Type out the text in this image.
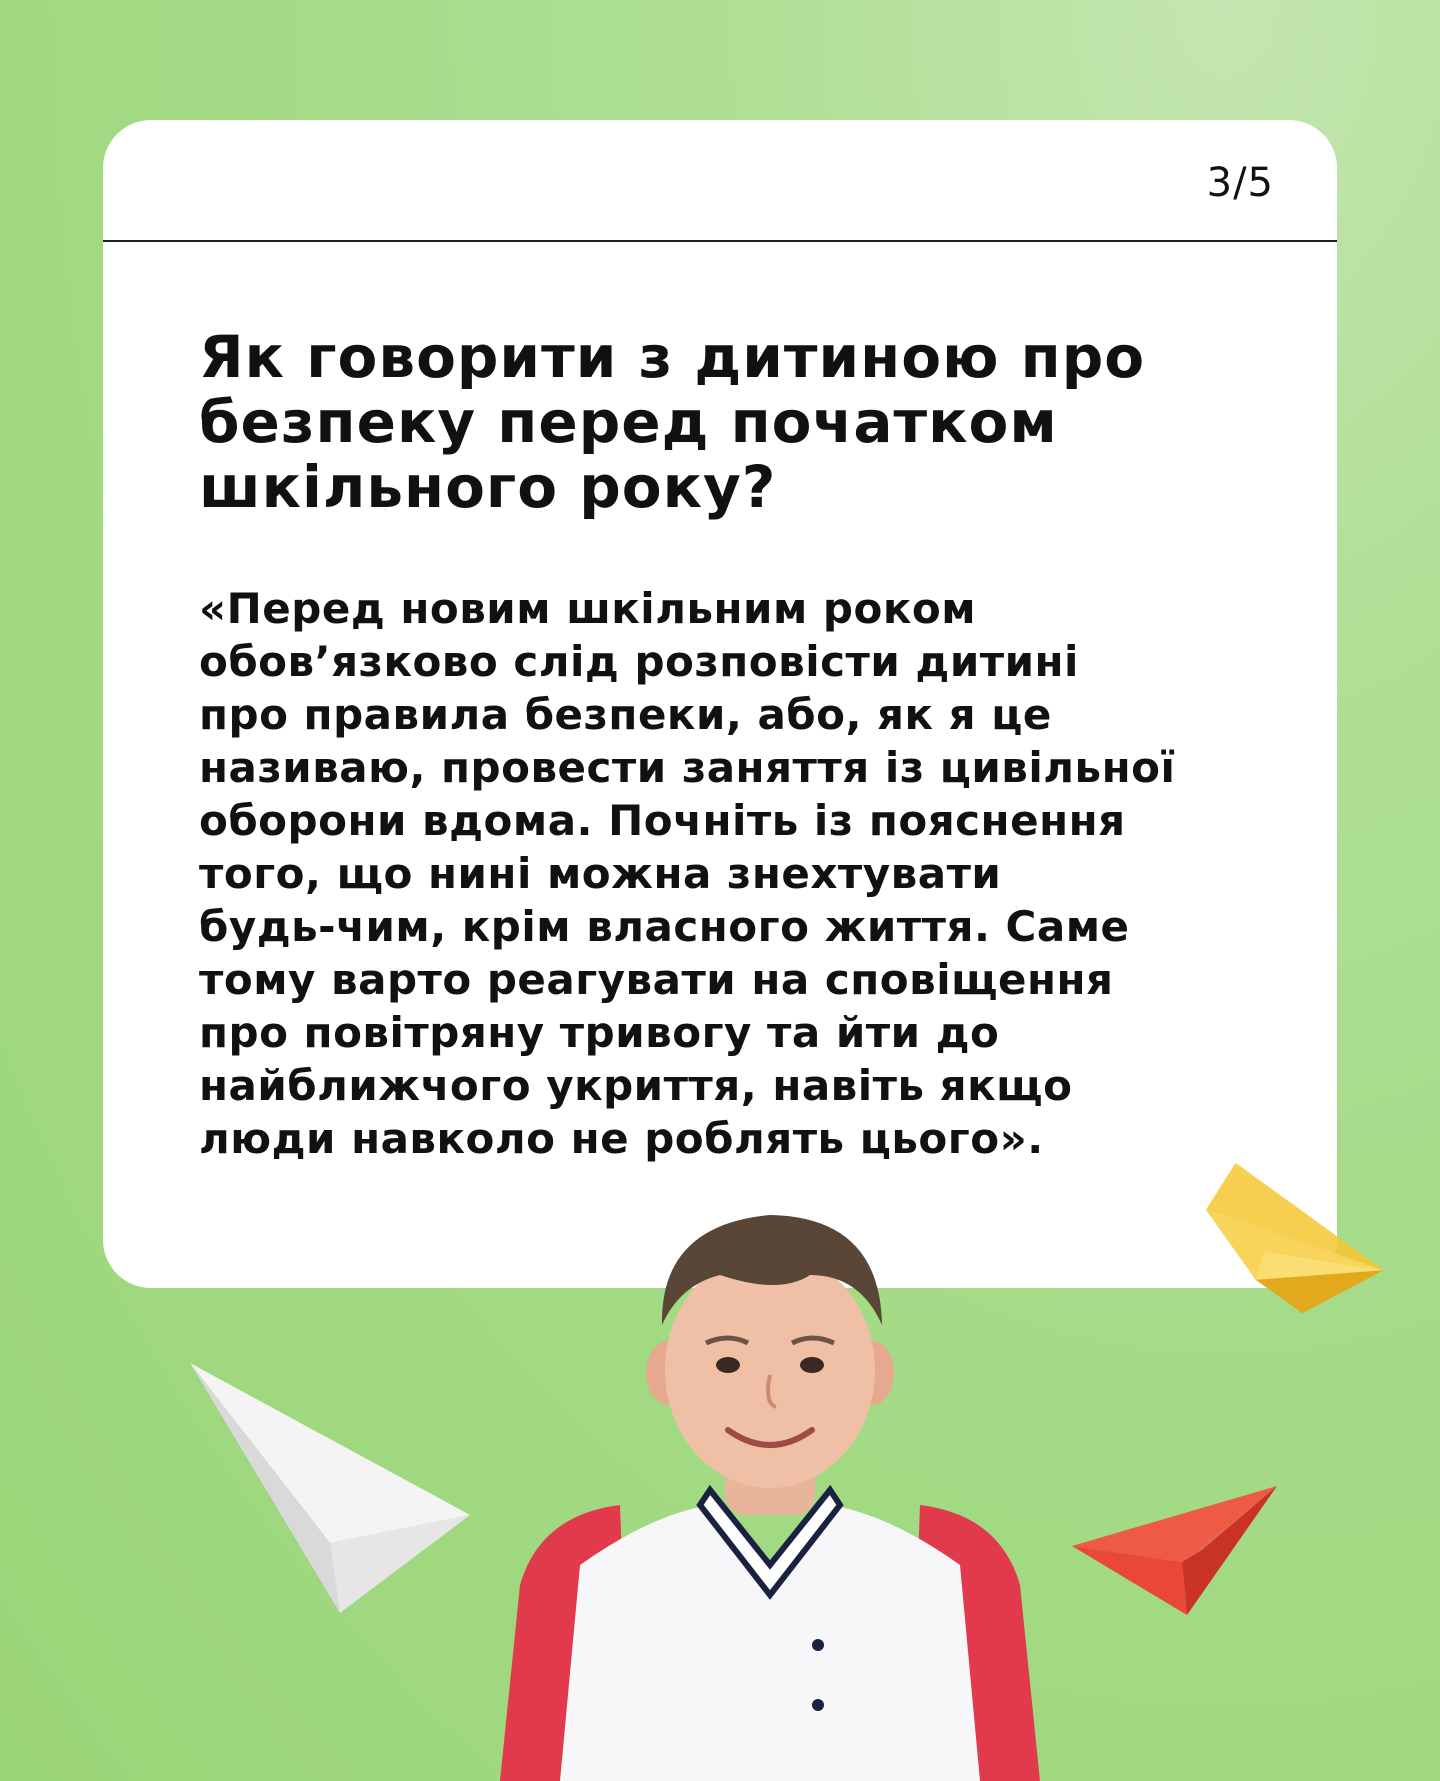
3/5
Як говорити з дитиною про
безпеку перед початком
шкільного року?

«Перед новим шкільним роком
обов’язково слід розповісти дитині
про правила безпеки, або, як я це
називаю, провести заняття із цивільної
оборони вдома. Почніть із пояснення
того, що нині можна знехтувати
будь-чим, крім власного життя. Саме
тому варто реагувати на сповіщення
про повітряну тривогу та йти до
найближчого укриття, навіть якщо
люди навколо не роблять цього».
